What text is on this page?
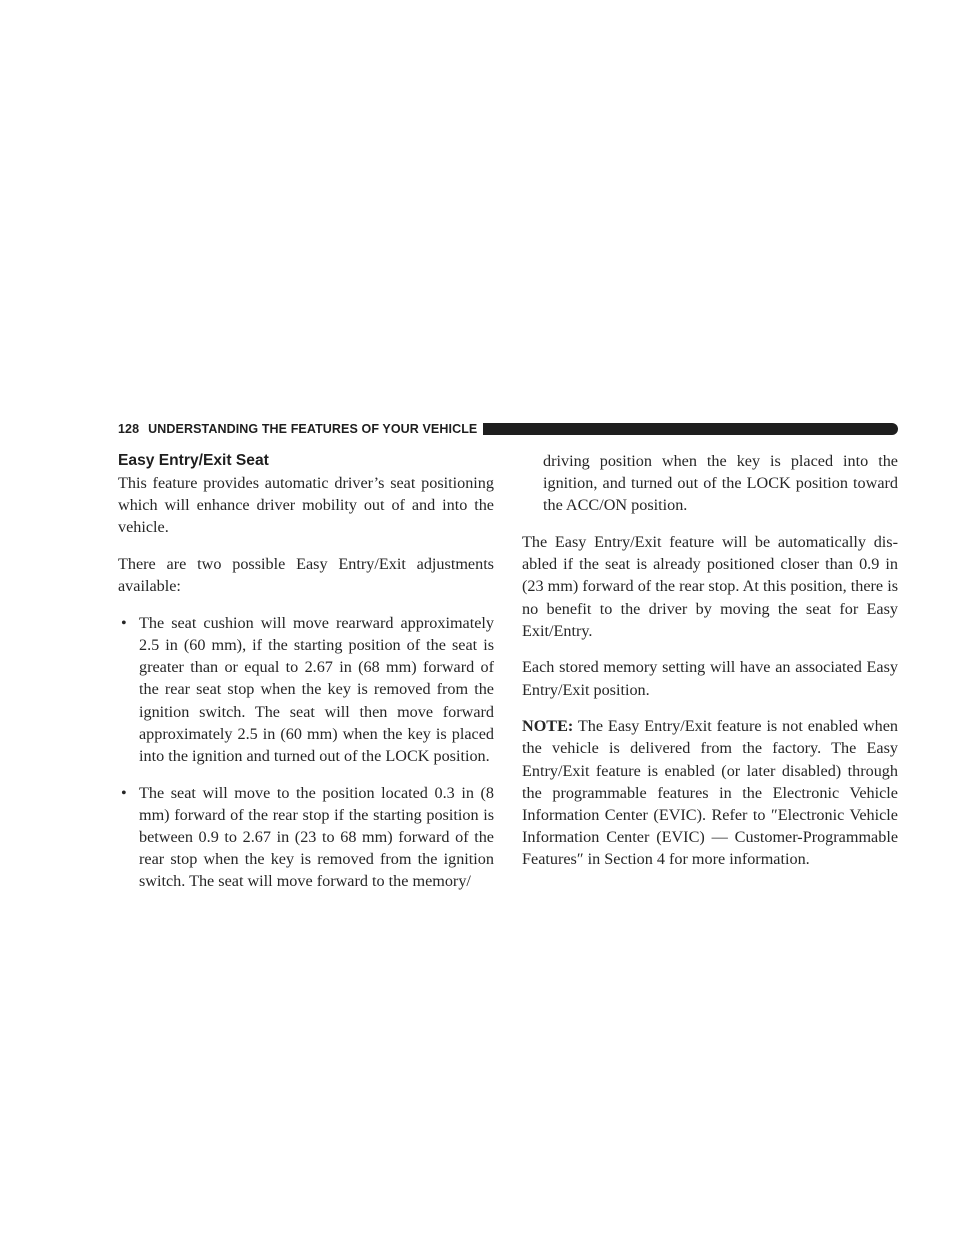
128 UNDERSTANDING THE FEATURES OF YOUR VEHICLE
Easy Entry/Exit Seat

This feature provides automatic driver’s seat positioning which will enhance driver mobility out of and into the vehicle.

There are two possible Easy Entry/Exit adjustments available:

• The seat cushion will move rearward approximately 2.5 in (60 mm), if the starting position of the seat is greater than or equal to 2.67 in (68 mm) forward of the rear seat stop when the key is removed from the ignition switch. The seat will then move forward approximately 2.5 in (60 mm) when the key is placed into the ignition and turned out of the LOCK position.
• The seat will move to the position located 0.3 in (8 mm) forward of the rear stop if the starting position is between 0.9 to 2.67 in (23 to 68 mm) forward of the rear stop when the key is removed from the ignition switch. The seat will move forward to the memory/

driving position when the key is placed into the ignition, and turned out of the LOCK position toward the ACC/ON position.

The Easy Entry/Exit feature will be automatically dis-abled if the seat is already positioned closer than 0.9 in (23 mm) forward of the rear stop. At this position, there is no benefit to the driver by moving the seat for Easy Exit/Entry.

Each stored memory setting will have an associated Easy Entry/Exit position.

NOTE: The Easy Entry/Exit feature is not enabled when the vehicle is delivered from the factory. The Easy Entry/Exit feature is enabled (or later disabled) through the programmable features in the Electronic Vehicle Information Center (EVIC). Refer to ″Electronic Vehicle Information Center (EVIC) — Customer-Programmable Features″ in Section 4 for more information.
